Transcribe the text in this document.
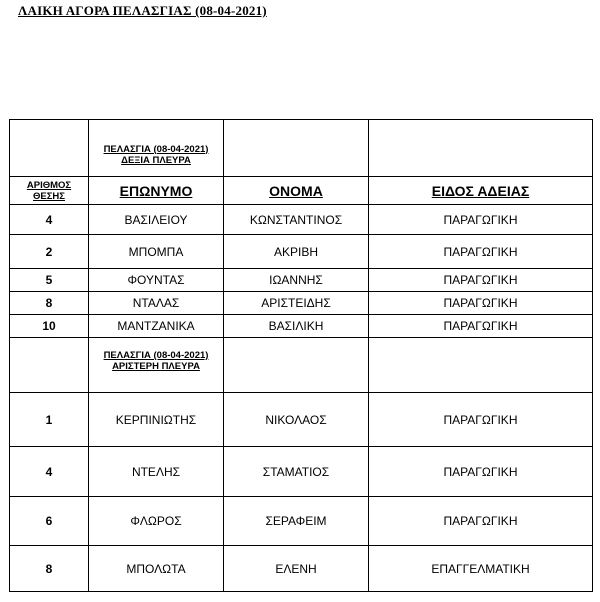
ΛΑΙΚΗ ΑΓΟΡΑ ΠΕΛΑΣΓΙΑΣ (08-04-2021)

	ΠΕΛΑΣΓΙΑ (08-04-2021)
ΔΕΞΙΑ ΠΛΕΥΡΑ		

ΑΡΙΘΜΟΣ
ΘΕΣΗΣ	ΕΠΩΝΥΜΟ	ΟΝΟΜΑ	ΕΙΔΟΣ ΑΔΕΙΑΣ
4	ΒΑΣΙΛΕΙΟΥ	ΚΩΝΣΤΑΝΤΙΝΟΣ	ΠΑΡΑΓΩΓΙΚΗ
2	ΜΠΟΜΠΑ	ΑΚΡΙΒΗ	ΠΑΡΑΓΩΓΙΚΗ
5	ΦΟΥΝΤΑΣ	ΙΩΑΝΝΗΣ	ΠΑΡΑΓΩΓΙΚΗ
8	ΝΤΑΛΑΣ	ΑΡΙΣΤΕΙΔΗΣ	ΠΑΡΑΓΩΓΙΚΗ
10	ΜΑΝΤΖΑΝΙΚΑ	ΒΑΣΙΛΙΚΗ	ΠΑΡΑΓΩΓΙΚΗ

	ΠΕΛΑΣΓΙΑ (08-04-2021)
ΑΡΙΣΤΕΡΗ ΠΛΕΥΡΑ		

1	ΚΕΡΠΙΝΙΩΤΗΣ	ΝΙΚΟΛΑΟΣ	ΠΑΡΑΓΩΓΙΚΗ
4	ΝΤΕΛΗΣ	ΣΤΑΜΑΤΙΟΣ	ΠΑΡΑΓΩΓΙΚΗ
6	ΦΛΩΡΟΣ	ΣΕΡΑΦΕΙΜ	ΠΑΡΑΓΩΓΙΚΗ
8	ΜΠΟΛΩΤΑ	ΕΛΕΝΗ	ΕΠΑΓΓΕΛΜΑΤΙΚΗ
